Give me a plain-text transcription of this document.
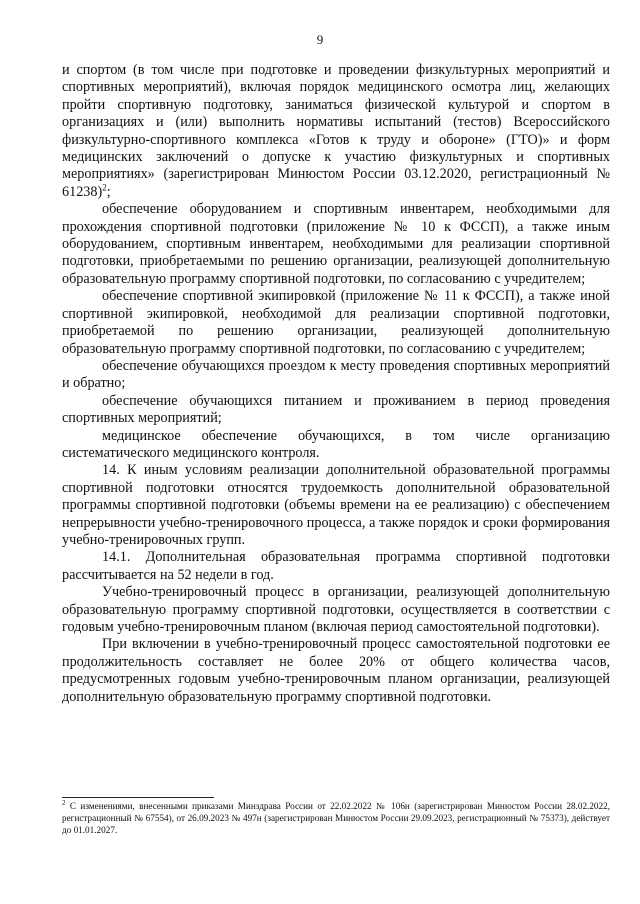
9

и спортом (в том числе при подготовке и проведении физкультурных мероприятий и спортивных мероприятий), включая порядок медицинского осмотра лиц, желающих пройти спортивную подготовку, заниматься физической культурой и спортом в организациях и (или) выполнить нормативы испытаний (тестов) Всероссийского физкультурно-спортивного комплекса «Готов к труду и обороне» (ГТО)» и форм медицинских заключений о допуске к участию физкультурных и спортивных мероприятиях» (зарегистрирован Минюстом России 03.12.2020, регистрационный № 61238)$^2$;

обеспечение оборудованием и спортивным инвентарем, необходимыми для прохождения спортивной подготовки (приложение № 10 к ФССП), а также иным оборудованием, спортивным инвентарем, необходимыми для реализации спортивной подготовки, приобретаемыми по решению организации, реализующей дополнительную образовательную программу спортивной подготовки, по согласованию с учредителем;

обеспечение спортивной экипировкой (приложение № 11 к ФССП), а также иной спортивной экипировкой, необходимой для реализации спортивной подготовки, приобретаемой по решению организации, реализующей дополнительную образовательную программу спортивной подготовки, по согласованию с учредителем;

обеспечение обучающихся проездом к месту проведения спортивных мероприятий и обратно;

обеспечение обучающихся питанием и проживанием в период проведения спортивных мероприятий;

медицинское обеспечение обучающихся, в том числе организацию систематического медицинского контроля.

14. К иным условиям реализации дополнительной образовательной программы спортивной подготовки относятся трудоемкость дополнительной образовательной программы спортивной подготовки (объемы времени на ее реализацию) с обеспечением непрерывности учебно-тренировочного процесса, а также порядок и сроки формирования учебно-тренировочных групп.

14.1. Дополнительная образовательная программа спортивной подготовки рассчитывается на 52 недели в год.

Учебно-тренировочный процесс в организации, реализующей дополнительную образовательную программу спортивной подготовки, осуществляется в соответствии с годовым учебно-тренировочным планом (включая период самостоятельной подготовки).

При включении в учебно-тренировочный процесс самостоятельной подготовки ее продолжительность составляет не более 20% от общего количества часов, предусмотренных годовым учебно-тренировочным планом организации, реализующей дополнительную образовательную программу спортивной подготовки.

$^2$ С изменениями, внесенными приказами Минздрава России от 22.02.2022 № 106н (зарегистрирован Минюстом России 28.02.2022, регистрационный № 67554), от 26.09.2023 № 497н (зарегистрирован Минюстом России 29.09.2023, регистрационный № 75373), действует до 01.01.2027.
